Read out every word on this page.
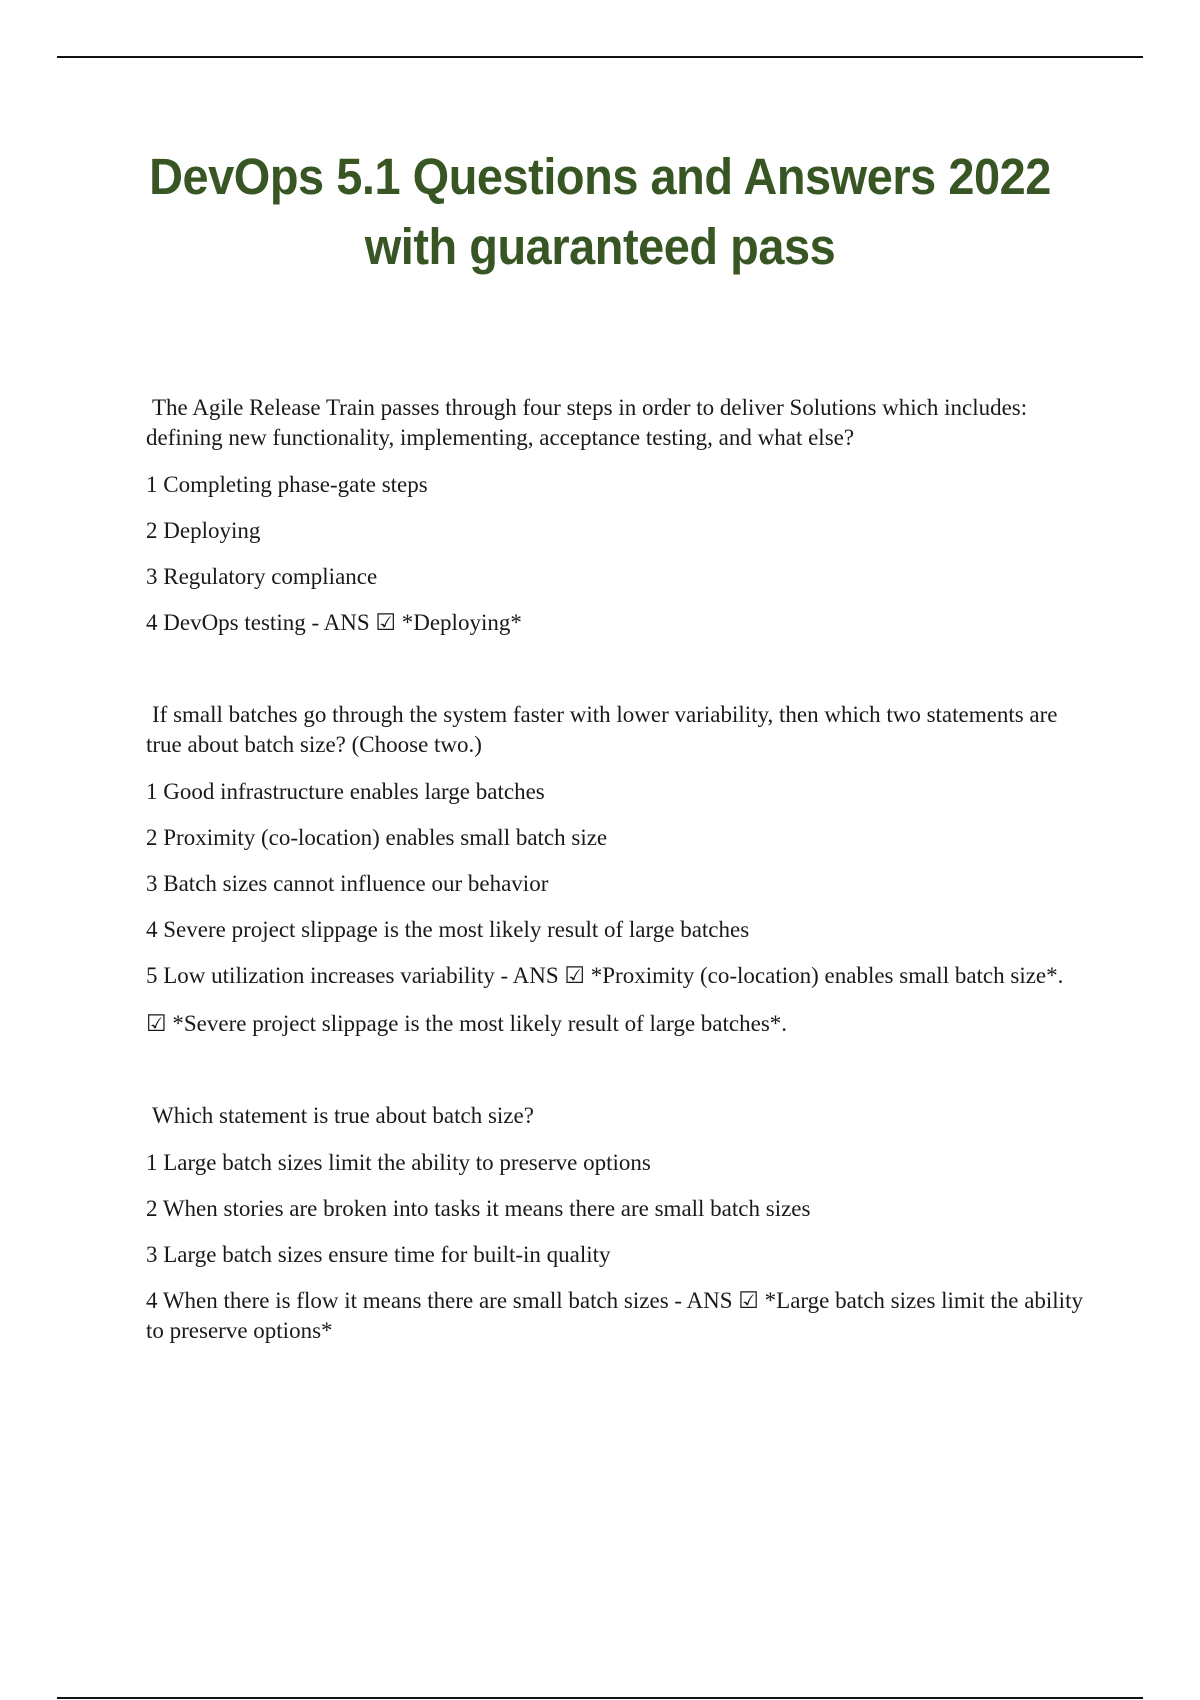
DevOps 5.1 Questions and Answers 2022
with guaranteed pass

The Agile Release Train passes through four steps in order to deliver Solutions which includes: defining new functionality, implementing, acceptance testing, and what else?

1 Completing phase-gate steps

2 Deploying

3 Regulatory compliance

4 DevOps testing - ANS ☑ *Deploying*

If small batches go through the system faster with lower variability, then which two statements are true about batch size? (Choose two.)

1 Good infrastructure enables large batches

2 Proximity (co-location) enables small batch size

3 Batch sizes cannot influence our behavior

4 Severe project slippage is the most likely result of large batches

5 Low utilization increases variability - ANS ☑ *Proximity (co-location) enables small batch size*.

☑ *Severe project slippage is the most likely result of large batches*.

Which statement is true about batch size?

1 Large batch sizes limit the ability to preserve options

2 When stories are broken into tasks it means there are small batch sizes

3 Large batch sizes ensure time for built-in quality

4 When there is flow it means there are small batch sizes - ANS ☑ *Large batch sizes limit the ability to preserve options*
